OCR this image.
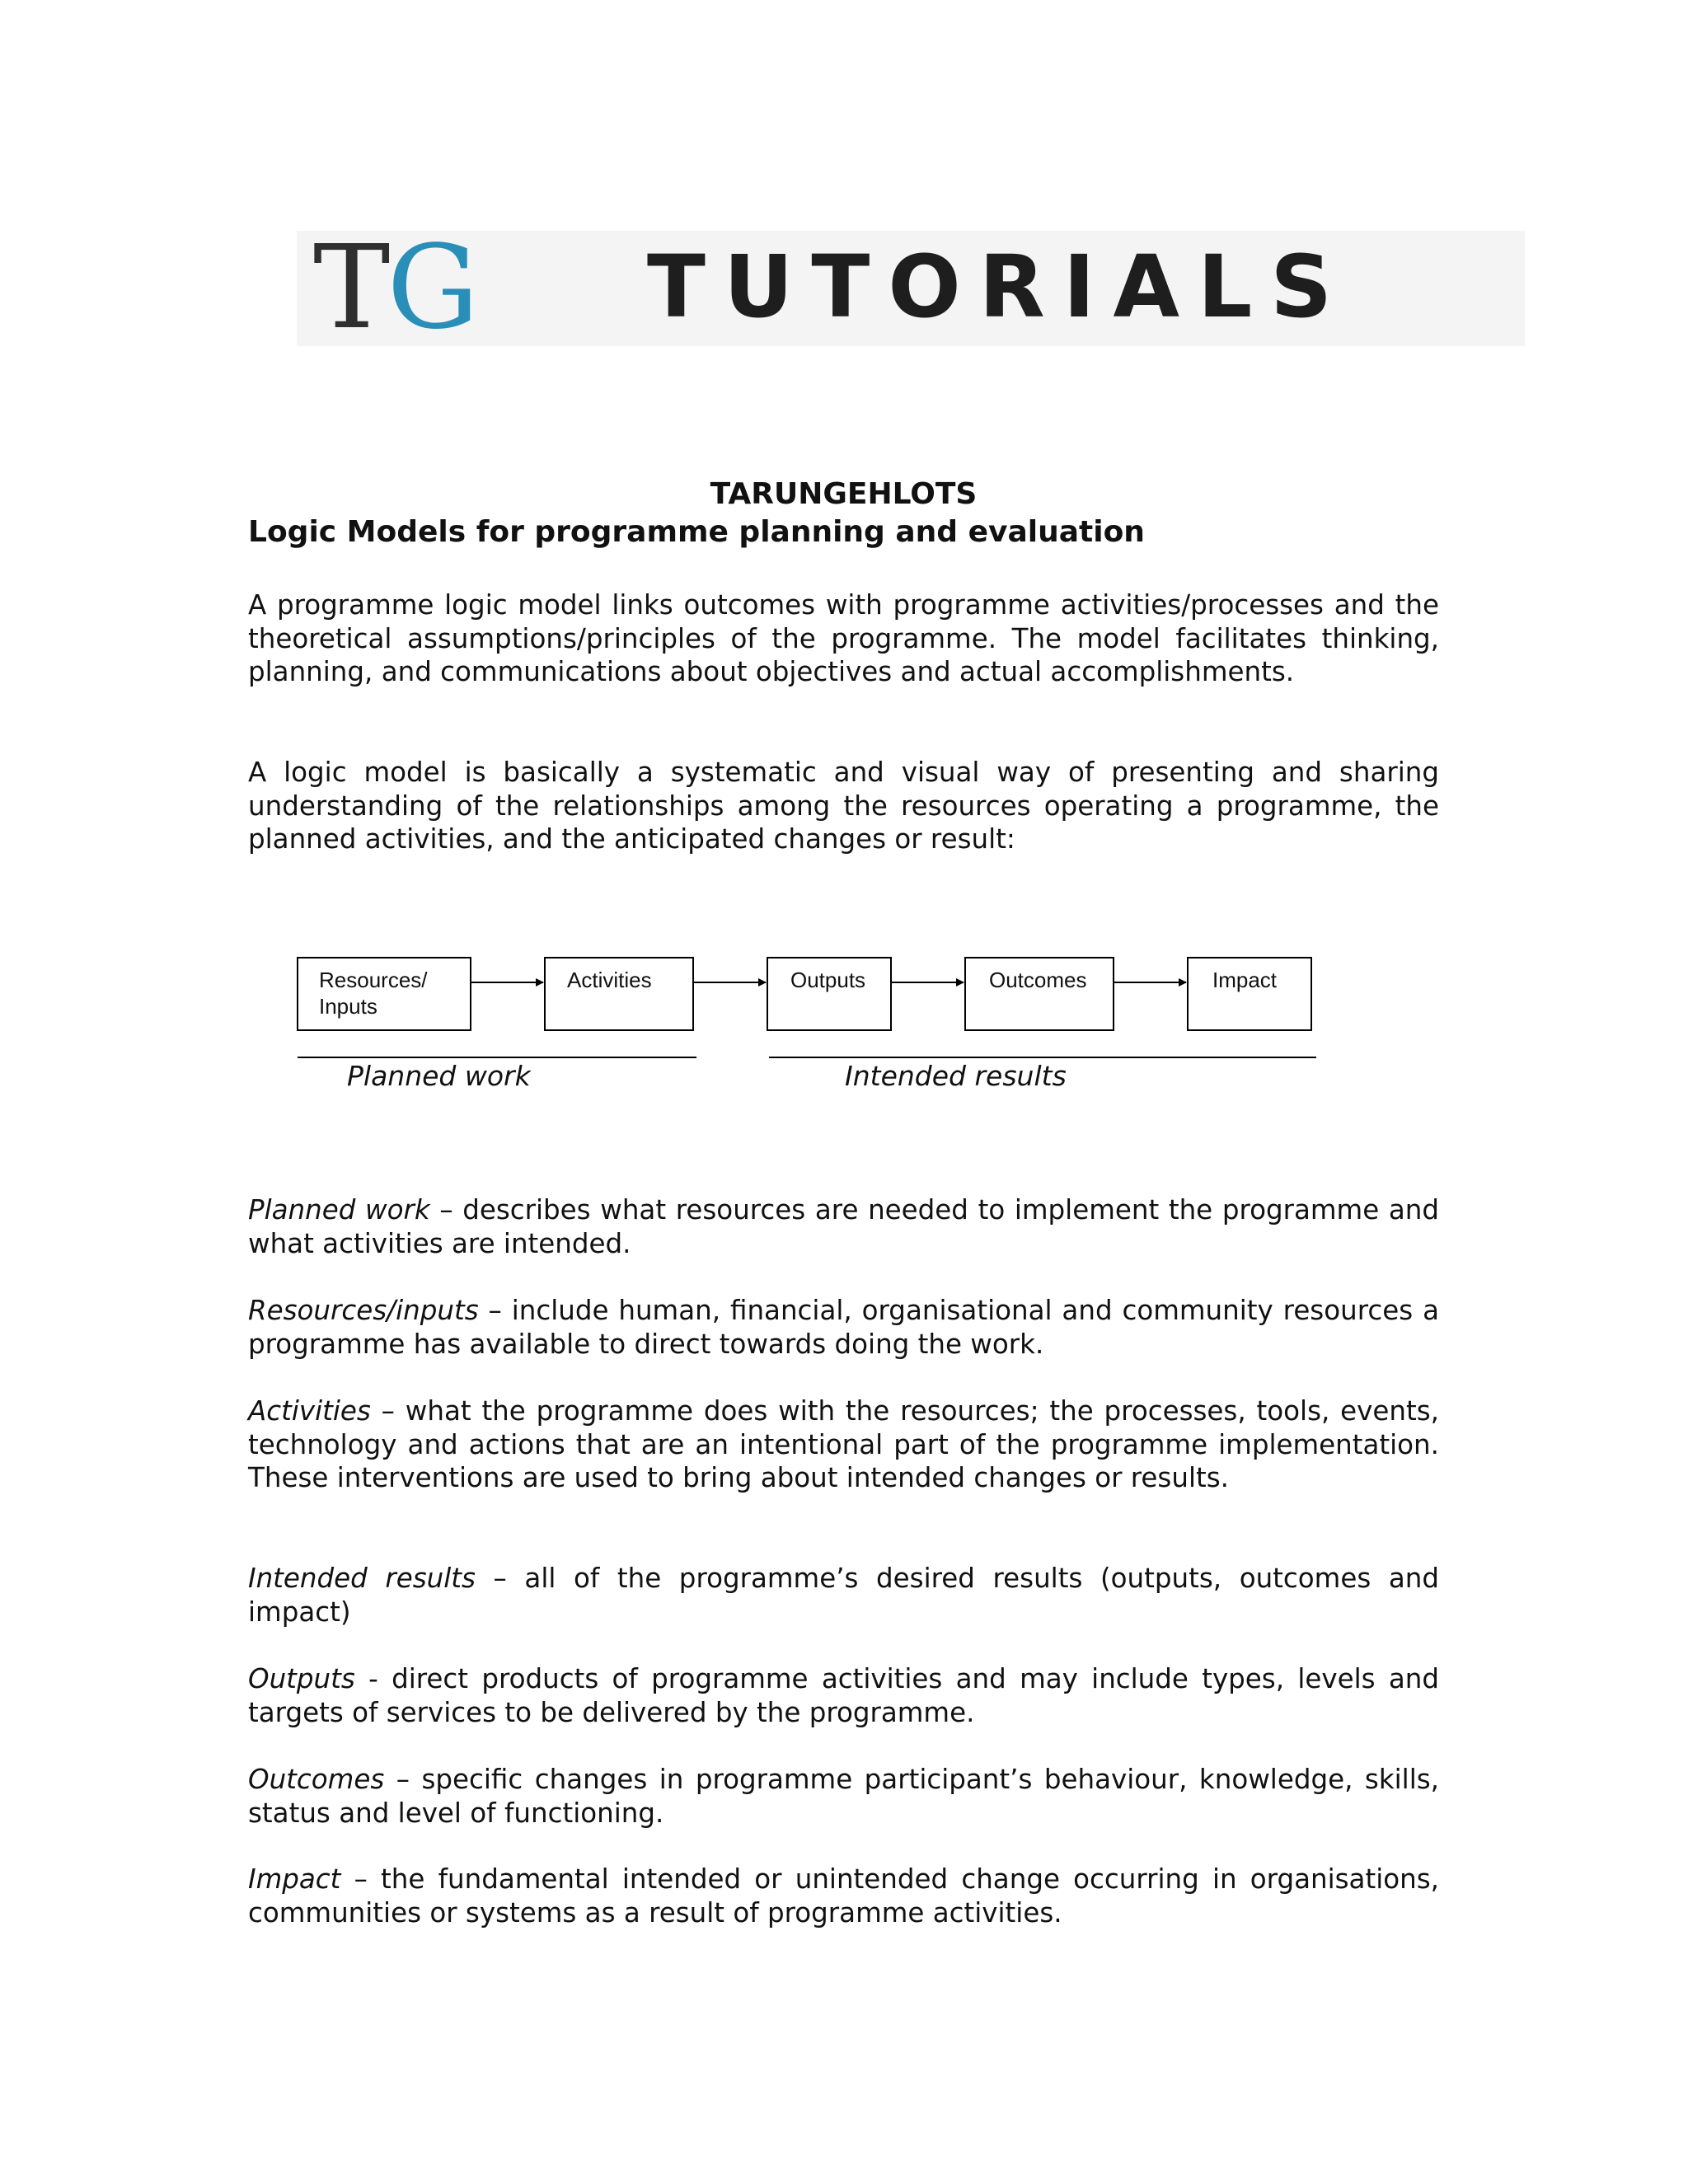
TG TUTORIALS
TARUNGEHLOTS
Logic Models for programme planning and evaluation

A programme logic model links outcomes with programme activities/processes and the theoretical assumptions/principles of the programme. The model facilitates thinking, planning, and communications about objectives and actual accomplishments.

A logic model is basically a systematic and visual way of presenting and sharing understanding of the relationships among the resources operating a programme, the planned activities, and the anticipated changes or result:

Resources/
Inputs
Activities	Outputs	Outcomes	Impact
Planned work	Intended results

Planned work – describes what resources are needed to implement the programme and what activities are intended.

Resources/inputs – include human, financial, organisational and community resources a programme has available to direct towards doing the work.

Activities – what the programme does with the resources; the processes, tools, events, technology and actions that are an intentional part of the programme implementation. These interventions are used to bring about intended changes or results.

Intended results – all of the programme’s desired results (outputs, outcomes and impact)

Outputs - direct products of programme activities and may include types, levels and targets of services to be delivered by the programme.

Outcomes – specific changes in programme participant’s behaviour, knowledge, skills, status and level of functioning.

Impact – the fundamental intended or unintended change occurring in organisations, communities or systems as a result of programme activities.
